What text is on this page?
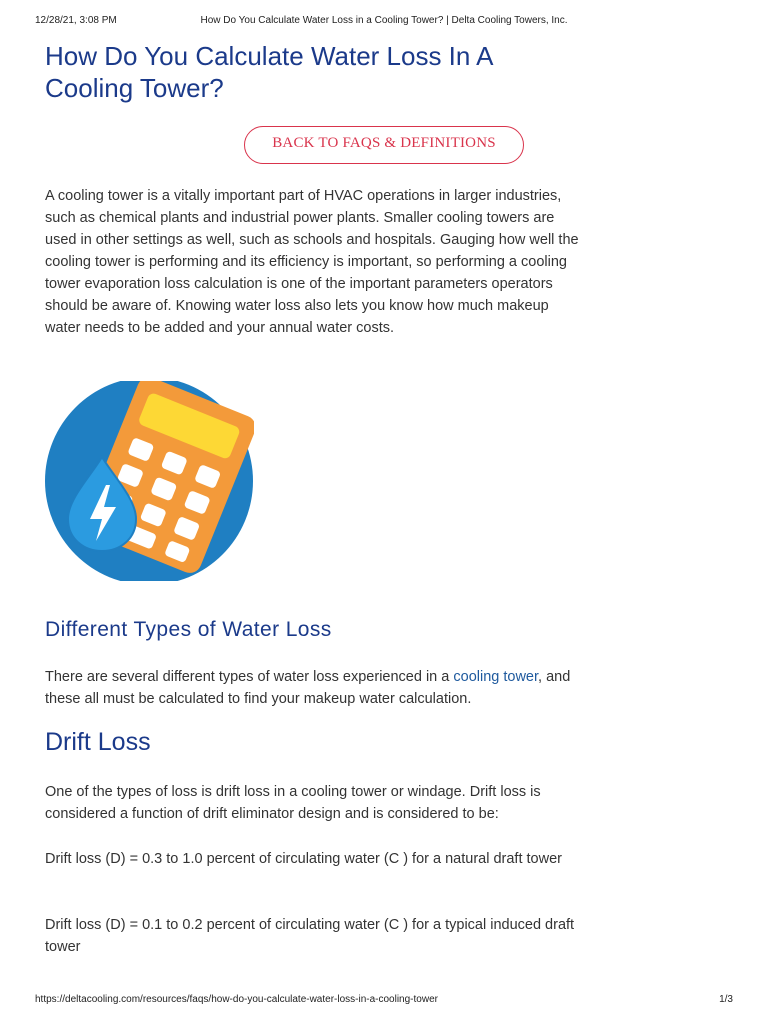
12/28/21, 3:08 PM	How Do You Calculate Water Loss in a Cooling Tower? | Delta Cooling Towers, Inc.
How Do You Calculate Water Loss In A Cooling Tower?
BACK TO FAQS & DEFINITIONS

A cooling tower is a vitally important part of HVAC operations in larger industries, such as chemical plants and industrial power plants. Smaller cooling towers are used in other settings as well, such as schools and hospitals. Gauging how well the cooling tower is performing and its efficiency is important, so performing a cooling tower evaporation loss calculation is one of the important parameters operators should be aware of. Knowing water loss also lets you know how much makeup water needs to be added and your annual water costs.

Different Types of Water Loss

There are several different types of water loss experienced in a cooling tower, and these all must be calculated to find your makeup water calculation.

Drift Loss

One of the types of loss is drift loss in a cooling tower or windage. Drift loss is considered a function of drift eliminator design and is considered to be:

Drift loss (D) = 0.3 to 1.0 percent of circulating water (C ) for a natural draft tower

Drift loss (D) = 0.1 to 0.2 percent of circulating water (C ) for a typical induced draft tower

https://deltacooling.com/resources/faqs/how-do-you-calculate-water-loss-in-a-cooling-tower	1/3
